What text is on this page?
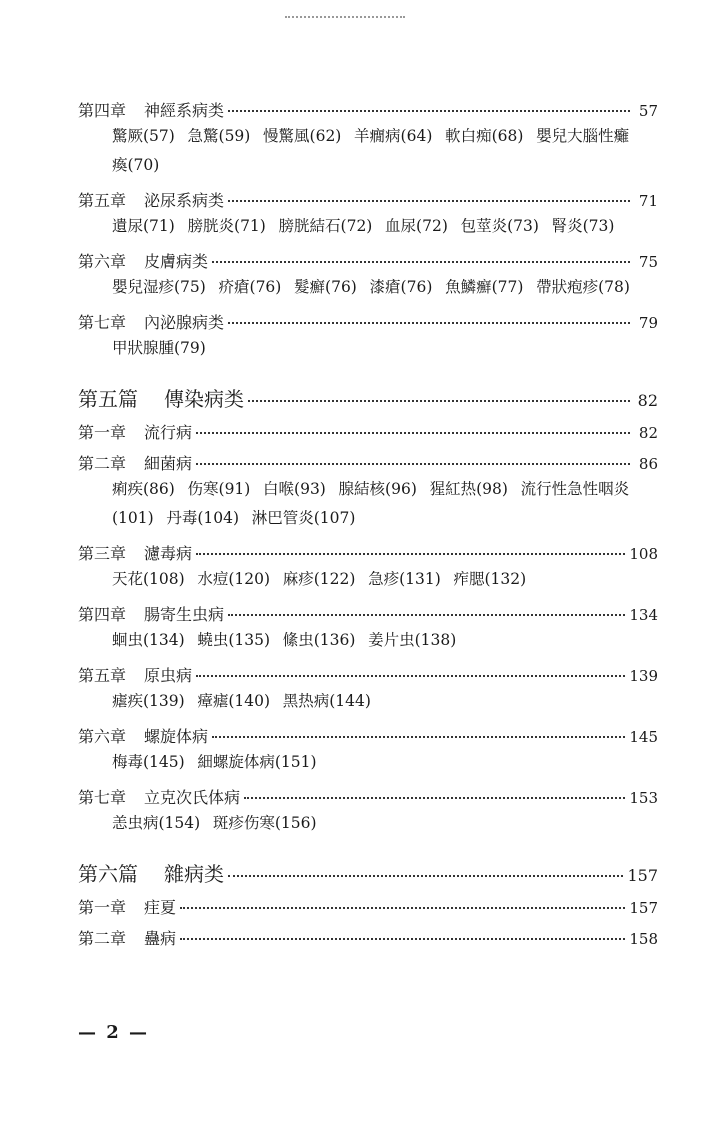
第四章	神經系病类	57
驚厥(57) 急驚(59) 慢驚風(62) 羊癇病(64) 軟白痴(68) 嬰兒大腦性癱瘓(70)
第五章	泌尿系病类	71
遺尿(71) 膀胱炎(71) 膀胱結石(72) 血尿(72) 包莖炎(73) 腎炎(73)
第六章	皮膚病类	75
嬰兒湿疹(75) 疥瘡(76) 髮癬(76) 漆瘡(76) 魚鱗癬(77) 帶狀疱疹(78)
第七章	內泌腺病类	79
甲狀腺腫(79)
第五篇	傳染病类	82
第一章	流行病	82
第二章	細菌病	86
痢疾(86) 伤寒(91) 白喉(93) 腺結核(96) 猩紅热(98) 流行性急性咽炎(101) 丹毒(104) 淋巴管炎(107)
第三章	濾毒病	108
天花(108) 水痘(120) 麻疹(122) 急疹(131) 痄腮(132)
第四章	腸寄生虫病	134
蛔虫(134) 蟯虫(135) 絛虫(136) 姜片虫(138)
第五章	原虫病	139
瘧疾(139) 瘴瘧(140) 黑热病(144)
第六章	螺旋体病	145
梅毒(145) 細螺旋体病(151)
第七章	立克次氏体病	153
恙虫病(154) 斑疹伤寒(156)
第六篇	雜病类	157
第一章	疰夏	157
第二章	蠱病	158
— 2 —
